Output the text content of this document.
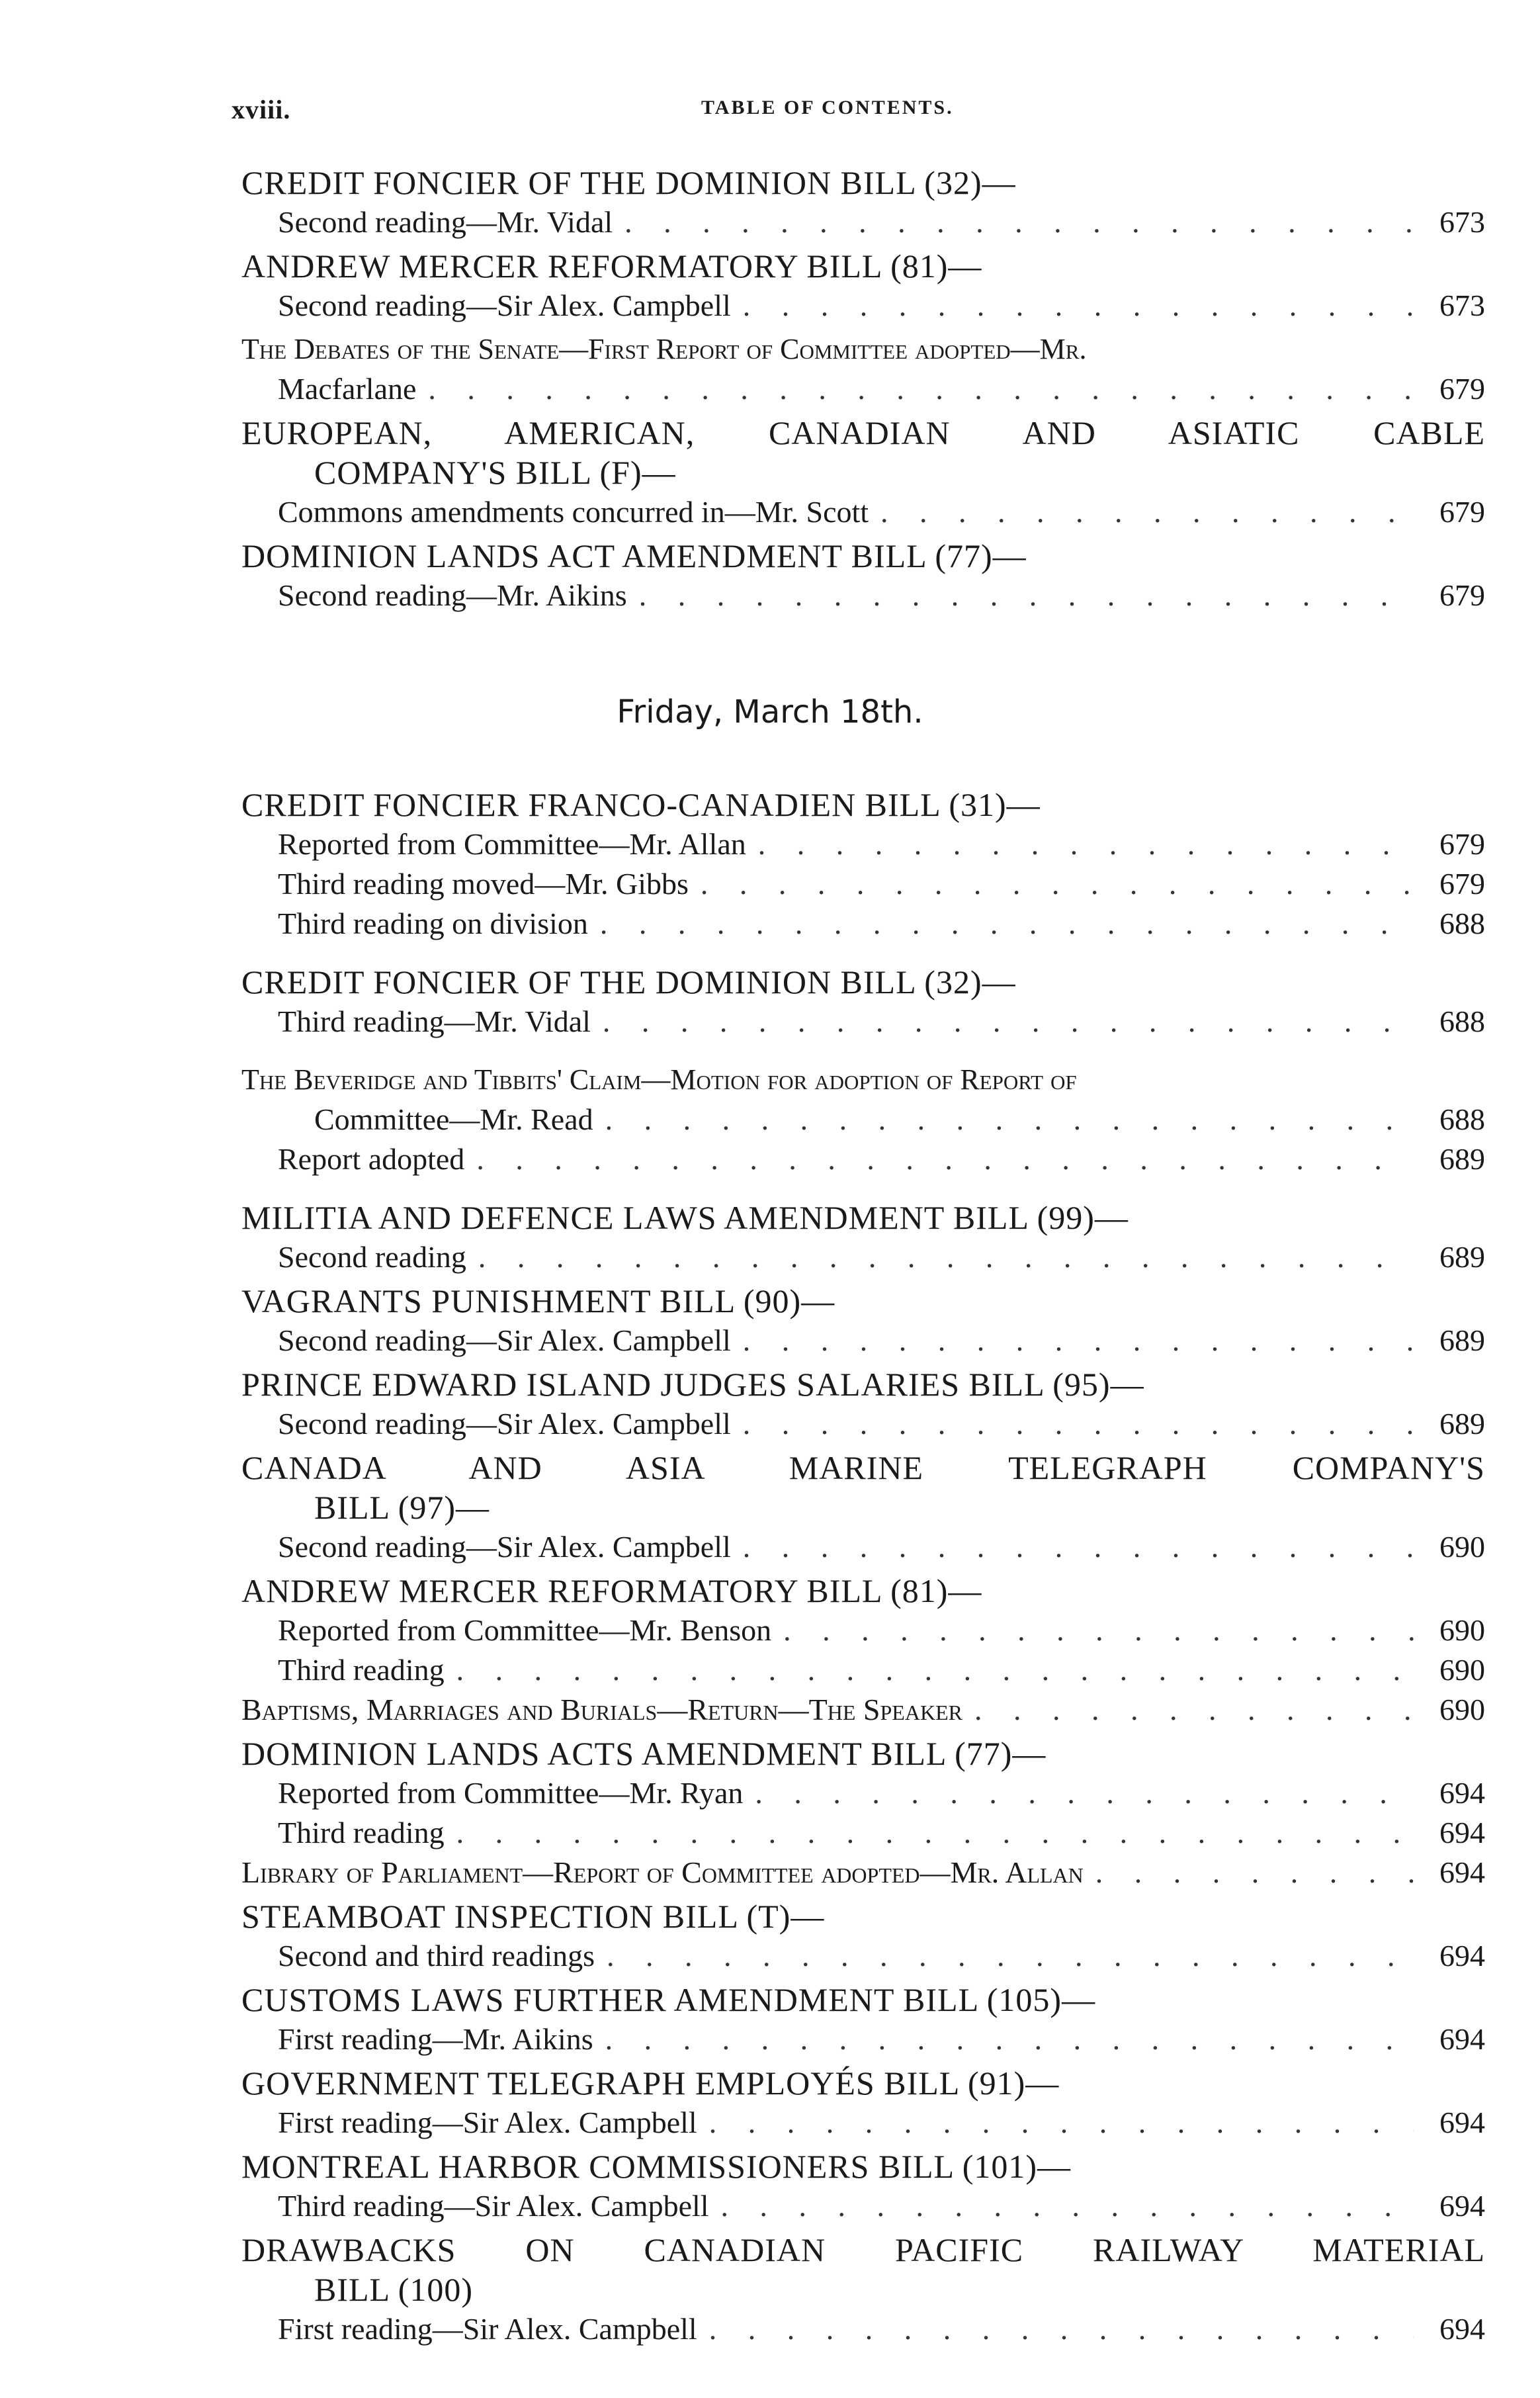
xviii.	TABLE OF CONTENTS.
CREDIT FONCIER OF THE DOMINION BILL (32)—
Second reading—Mr. Vidal . . .	673
ANDREW MERCER REFORMATORY BILL (81)—
Second reading—Sir Alex. Campbell . . .	673
The Debates of the Senate—First Report of Committee adopted—Mr.
Macfarlane . . .	679
EUROPEAN, AMERICAN, CANADIAN AND ASIATIC CABLE
COMPANY'S BILL (F)—
Commons amendments concurred in—Mr. Scott . . .	679
DOMINION LANDS ACT AMENDMENT BILL (77)—
Second reading—Mr. Aikins . . .	679
Friday, March 18th.
CREDIT FONCIER FRANCO-CANADIEN BILL (31)—
Reported from Committee—Mr. Allan . . .	679
Third reading moved—Mr. Gibbs . . .	679
Third reading on division . . .	688
CREDIT FONCIER OF THE DOMINION BILL (32)—
Third reading—Mr. Vidal . . .	688
The Beveridge and Tibbits' Claim—Motion for adoption of Report of
Committee—Mr. Read . . .	688
Report adopted . . .	689
MILITIA AND DEFENCE LAWS AMENDMENT BILL (99)—
Second reading . . .	689
VAGRANTS PUNISHMENT BILL (90)—
Second reading—Sir Alex. Campbell . . .	689
PRINCE EDWARD ISLAND JUDGES SALARIES BILL (95)—
Second reading—Sir Alex. Campbell . . .	689
CANADA AND ASIA MARINE TELEGRAPH COMPANY'S
BILL (97)—
Second reading—Sir Alex. Campbell . . .	690
ANDREW MERCER REFORMATORY BILL (81)—
Reported from Committee—Mr. Benson . . .	690
Third reading . . .	690
Baptisms, Marriages and Burials—Return—The Speaker . . .	690
DOMINION LANDS ACTS AMENDMENT BILL (77)—
Reported from Committee—Mr. Ryan . . .	694
Third reading . . .	694
Library of Parliament—Report of Committee adopted—Mr. Allan . . .	694
STEAMBOAT INSPECTION BILL (T)—
Second and third readings . . .	694
CUSTOMS LAWS FURTHER AMENDMENT BILL (105)—
First reading—Mr. Aikins . . .	694
GOVERNMENT TELEGRAPH EMPLOYÉS BILL (91)—
First reading—Sir Alex. Campbell . . .	694
MONTREAL HARBOR COMMISSIONERS BILL (101)—
Third reading—Sir Alex. Campbell . . .	694
DRAWBACKS ON CANADIAN PACIFIC RAILWAY MATERIAL
BILL (100)
First reading—Sir Alex. Campbell . . .	694
